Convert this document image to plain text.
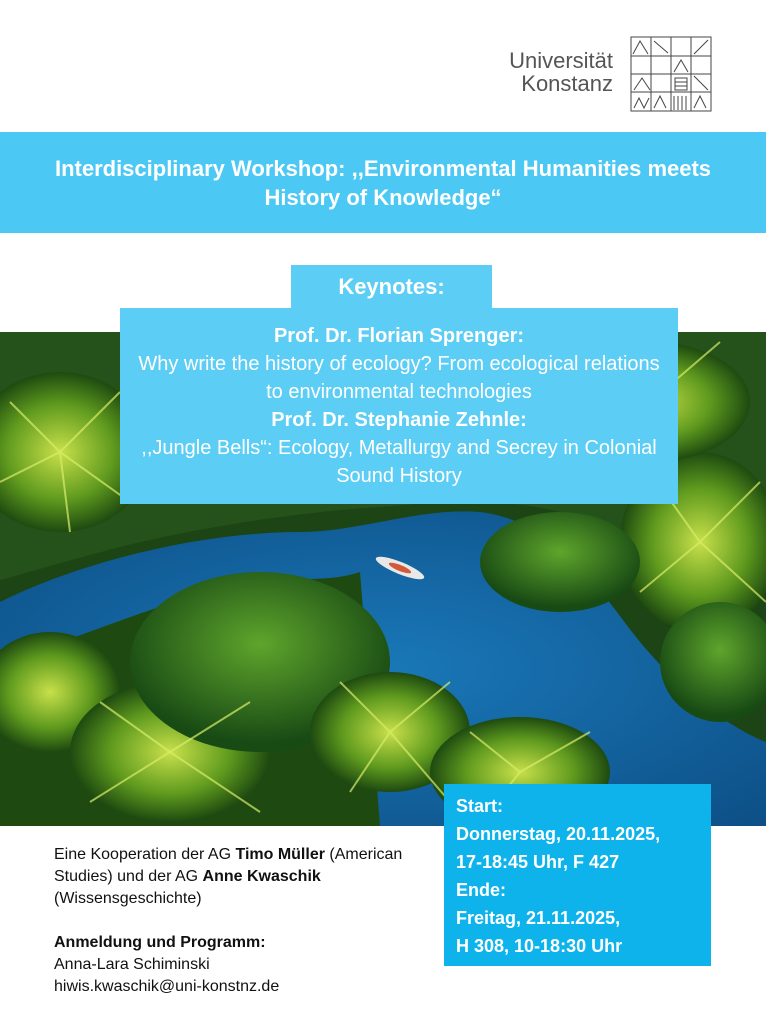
Universität
Konstanz
Interdisciplinary Workshop: ,,Environmental Humanities meets History of Knowledge“
Keynotes:
Prof. Dr. Florian Sprenger:
Why write the history of ecology? From ecological relations to environmental technologies
Prof. Dr. Stephanie Zehnle:
,,Jungle Bells“: Ecology, Metallurgy and Secrey in Colonial Sound History
Start:
Donnerstag, 20.11.2025,
17-18:45 Uhr, F 427
Ende:
Freitag, 21.11.2025,
H 308, 10-18:30 Uhr
Eine Kooperation der AG Timo Müller (American Studies) und der AG Anne Kwaschik (Wissensgeschichte)
Anmeldung und Programm:
Anna-Lara Schiminski
hiwis.kwaschik@uni-konstnz.de
